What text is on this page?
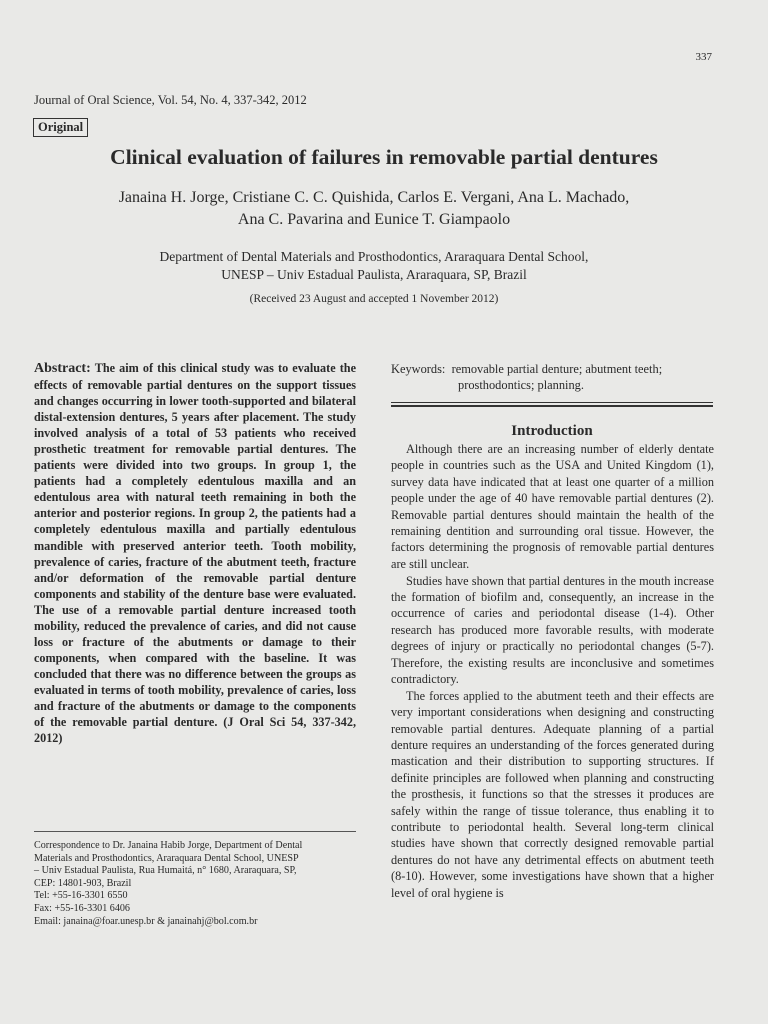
337
Journal of Oral Science, Vol. 54, No. 4, 337-342, 2012
Original
Clinical evaluation of failures in removable partial dentures
Janaina H. Jorge, Cristiane C. C. Quishida, Carlos E. Vergani, Ana L. Machado,
Ana C. Pavarina and Eunice T. Giampaolo
Department of Dental Materials and Prosthodontics, Araraquara Dental School,
UNESP – Univ Estadual Paulista, Araraquara, SP, Brazil
(Received 23 August and accepted 1 November 2012)
Abstract: The aim of this clinical study was to evaluate the effects of removable partial dentures on the support tissues and changes occurring in lower tooth-supported and bilateral distal-extension dentures, 5 years after placement. The study involved analysis of a total of 53 patients who received prosthetic treatment for removable partial dentures. The patients were divided into two groups. In group 1, the patients had a completely edentulous maxilla and an edentulous area with natural teeth remaining in both the anterior and posterior regions. In group 2, the patients had a completely edentulous maxilla and partially edentulous mandible with preserved anterior teeth. Tooth mobility, prevalence of caries, fracture of the abutment teeth, fracture and/or deformation of the removable partial denture components and stability of the denture base were evaluated. The use of a removable partial denture increased tooth mobility, reduced the prevalence of caries, and did not cause loss or fracture of the abutments or damage to their components, when compared with the baseline. It was concluded that there was no difference between the groups as evaluated in terms of tooth mobility, prevalence of caries, loss and fracture of the abutments or damage to the components of the removable partial denture. (J Oral Sci 54, 337-342, 2012)
Correspondence to Dr. Janaina Habib Jorge, Department of Dental
Materials and Prosthodontics, Araraquara Dental School, UNESP
– Univ Estadual Paulista, Rua Humaitá, n° 1680, Araraquara, SP,
CEP: 14801-903, Brazil
Tel: +55-16-3301 6550
Fax: +55-16-3301 6406
Email: janaina@foar.unesp.br & janainahj@bol.com.br
Keywords:
removable partial denture; abutment teeth;
prosthodontics; planning.
Introduction

Although there are an increasing number of elderly dentate people in countries such as the USA and United Kingdom (1), survey data have indicated that at least one quarter of a million people under the age of 40 have removable partial dentures (2). Removable partial dentures should maintain the health of the remaining dentition and surrounding oral tissue. However, the factors determining the prognosis of removable partial dentures are still unclear.

Studies have shown that partial dentures in the mouth increase the formation of biofilm and, consequently, an increase in the occurrence of caries and periodontal disease (1-4). Other research has produced more favorable results, with moderate degrees of injury or practically no periodontal changes (5-7). Therefore, the existing results are inconclusive and sometimes contradictory.

The forces applied to the abutment teeth and their effects are very important considerations when designing and constructing removable partial dentures. Adequate planning of a partial denture requires an understanding of the forces generated during mastication and their distribution to supporting structures. If definite principles are followed when planning and constructing the prosthesis, it functions so that the stresses it produces are safely within the range of tissue tolerance, thus enabling it to contribute to periodontal health. Several long-term clinical studies have shown that correctly designed removable partial dentures do not have any detrimental effects on abutment teeth (8-10). However, some investigations have shown that a higher level of oral hygiene is
